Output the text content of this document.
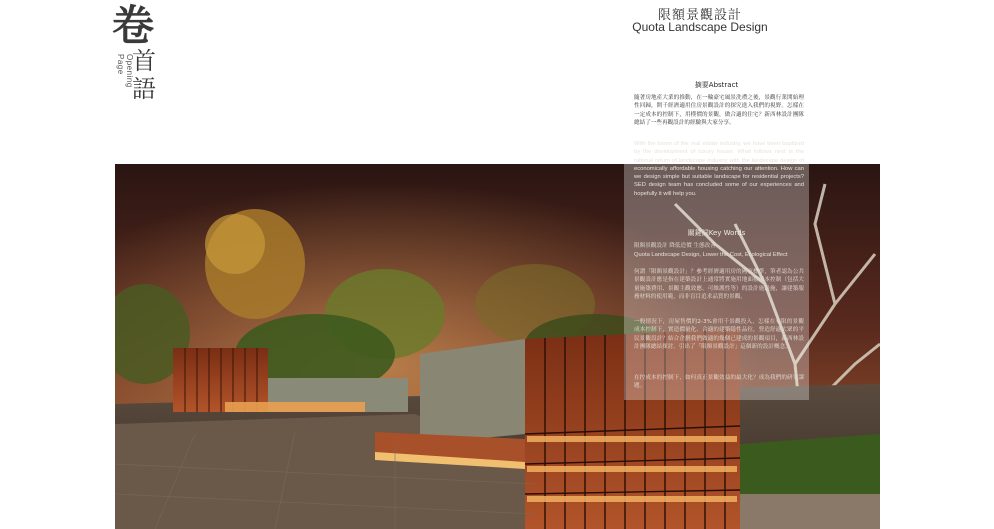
卷
Opening Page 首
語
限額景觀設計
Quota Landscape Design
摘要Abstract
隨著房地產大業的推動，在一輪豪宅風景洗禮之後，景觀行業開始理性回歸，開千經濟適用住房景觀設計的探究進入我們的視野。怎樣在一定成本的控制下，用樸價的景觀，做合適的住宅？新西林設計團隊總結了一些再觀設計的經驗與大家分享。
With the boom of the real estate industry, we have been baptized by the development of luxury house. What follows next is the rational return of landscape industry with the landscape design of economically affordable housing catching our attention. How can we design simple but suitable landscape for residential projects? SED design team has concluded some of our experiences and hopefully it will help you.
關鍵詞Key Words
限額景觀設計 降低造價 生態改善
Quota Landscape Design, Lower the Cost, Ecological Effect
何謂「限額景觀設計」？參考經濟適用房的國家標準，筆者認為公共景觀設計應是指在建築設計上通常將實施用地面積成本控制（包括大量施築費用、景觀主觀效應、可維護性等）的設計施設施，讓建築服務材料的使用範，而非盲目追求品質的景觀。
一般情況下，房屋售價的2-3%會用千景觀投入，怎樣在有限的景觀成本控制下，實造價量化、合適的建築隱性品位，營造舒適大眾的平民景觀設計？結合企劃我們做適的幾個已建成的景觀項目，新西林設計團隊總結探討，引出了「限額景觀設計」這個新的設計概念。
在控成本的控制下，如何真正景觀效益的最大化？成為我們的研究課題。
